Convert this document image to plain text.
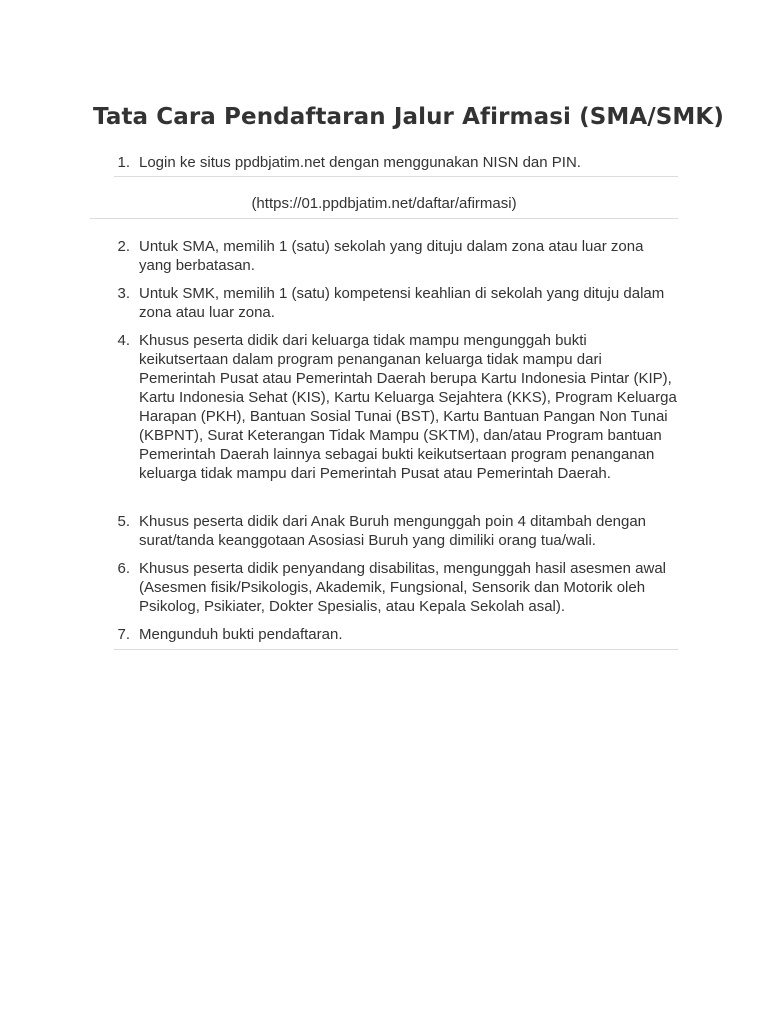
Tata Cara Pendaftaran Jalur Afirmasi (SMA/SMK)
1. Login ke situs ppdbjatim.net dengan menggunakan NISN dan PIN.
(https://01.ppdbjatim.net/daftar/afirmasi)
2. Untuk SMA, memilih 1 (satu) sekolah yang dituju dalam zona atau luar zona yang berbatasan.
3. Untuk SMK, memilih 1 (satu) kompetensi keahlian di sekolah yang dituju dalam zona atau luar zona.
4. Khusus peserta didik dari keluarga tidak mampu mengunggah bukti keikutsertaan dalam program penanganan keluarga tidak mampu dari Pemerintah Pusat atau Pemerintah Daerah berupa Kartu Indonesia Pintar (KIP), Kartu Indonesia Sehat (KIS), Kartu Keluarga Sejahtera (KKS), Program Keluarga Harapan (PKH), Bantuan Sosial Tunai (BST), Kartu Bantuan Pangan Non Tunai (KBPNT), Surat Keterangan Tidak Mampu (SKTM), dan/atau Program bantuan Pemerintah Daerah lainnya sebagai bukti keikutsertaan program penanganan keluarga tidak mampu dari Pemerintah Pusat atau Pemerintah Daerah.
5. Khusus peserta didik dari Anak Buruh mengunggah poin 4 ditambah dengan surat/tanda keanggotaan Asosiasi Buruh yang dimiliki orang tua/wali.
6. Khusus peserta didik penyandang disabilitas, mengunggah hasil asesmen awal (Asesmen fisik/Psikologis, Akademik, Fungsional, Sensorik dan Motorik oleh Psikolog, Psikiater, Dokter Spesialis, atau Kepala Sekolah asal).
7. Mengunduh bukti pendaftaran.
